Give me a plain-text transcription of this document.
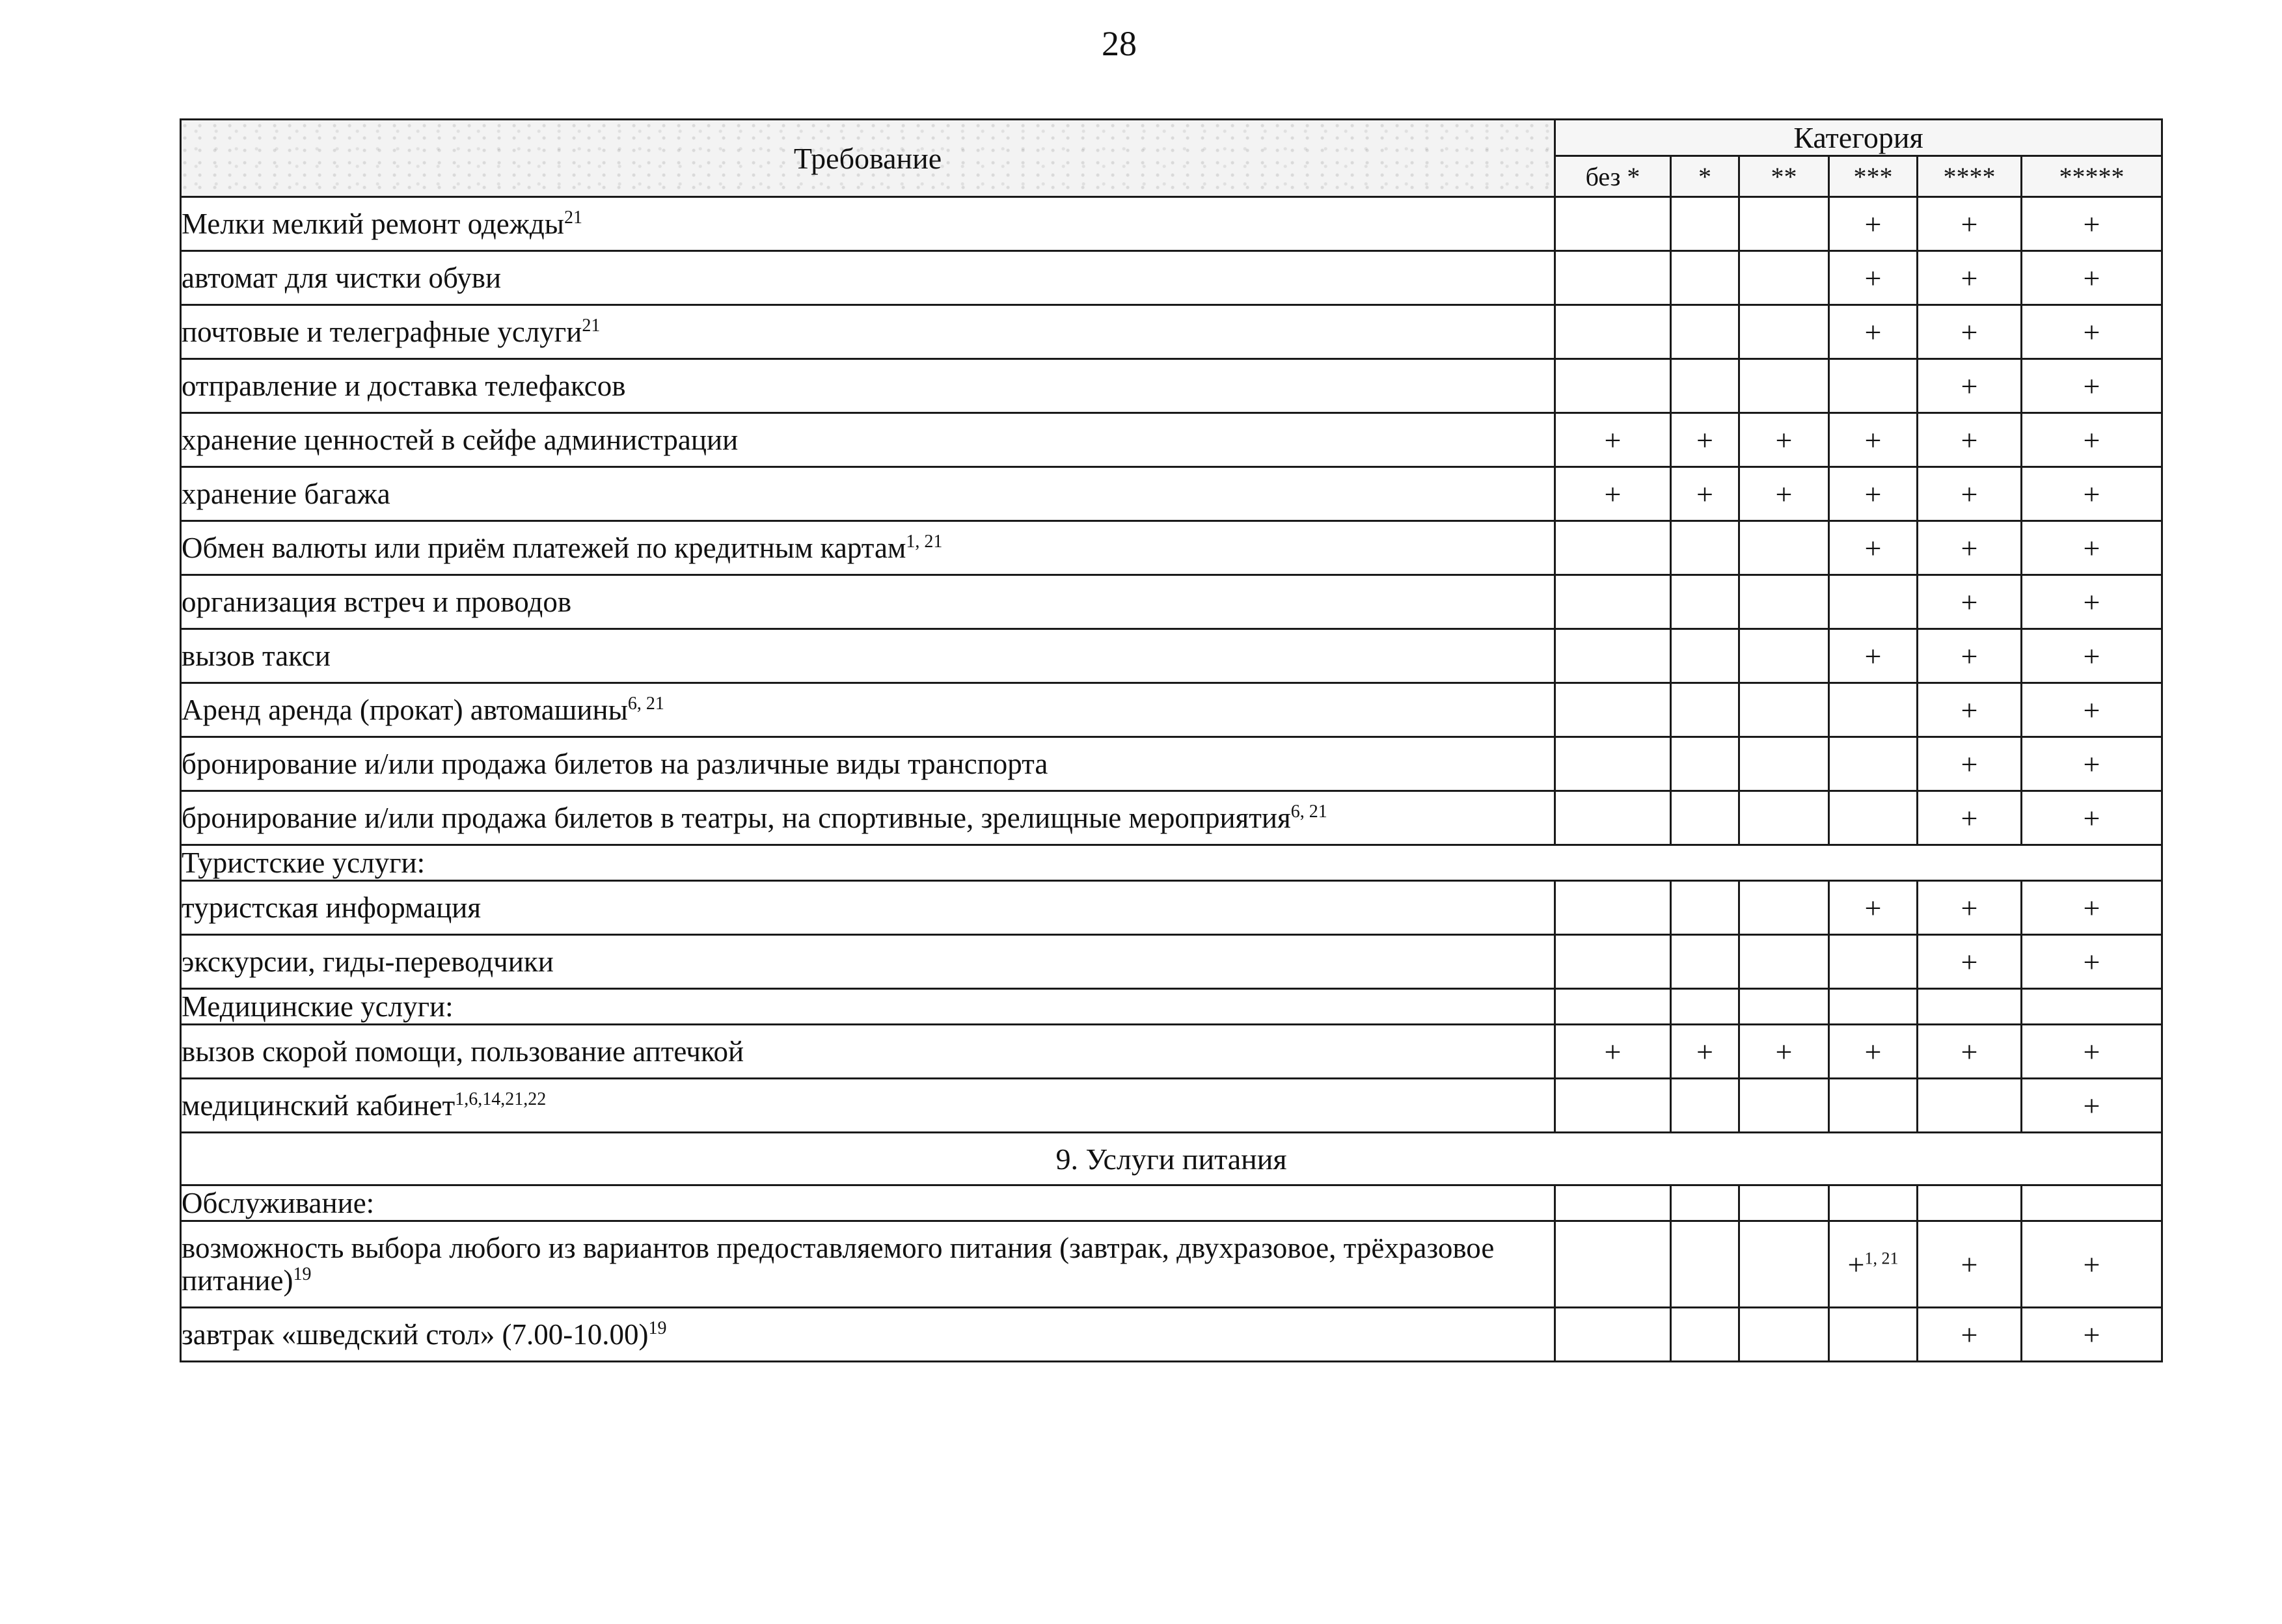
28
Требование	Категория					
	без *	*	**	***	****	*****
Мелки мелкий ремонт одежды$^{21}$				+	+	+
автомат для чистки обуви				+	+	+
почтовые и телеграфные услуги$^{21}$				+	+	+
отправление и доставка телефаксов					+	+
хранение ценностей в сейфе администрации	+	+	+	+	+	+
хранение багажа	+	+	+	+	+	+
Обмен валюты или приём платежей по кредитным картам$^{1, 21}$				+	+	+
организация встреч и проводов					+	+
вызов такси				+	+	+
Аренд аренда (прокат) автомашины$^{6, 21}$					+	+
бронирование и/или продажа билетов на различные виды транспорта					+	+
бронирование и/или продажа билетов в театры, на спортивные, зрелищные мероприятия$^{6, 21}$					+	+
Туристские услуги:						
туристская информация				+	+	+
экскурсии, гиды-переводчики					+	+
Медицинские услуги:						
вызов скорой помощи, пользование аптечкой	+	+	+	+	+	+
медицинский кабинет$^{1,6,14,21,22}$						+
9. Услуги питания						
Обслуживание:						
возможность выбора любого из вариантов предоставляемого питания (завтрак, двухразовое, трёхразовое питание)$^{19}$				+$^{1, 21}$	+	+
завтрак «шведский стол» $(7.00-10.00)^{19}$					+	+
